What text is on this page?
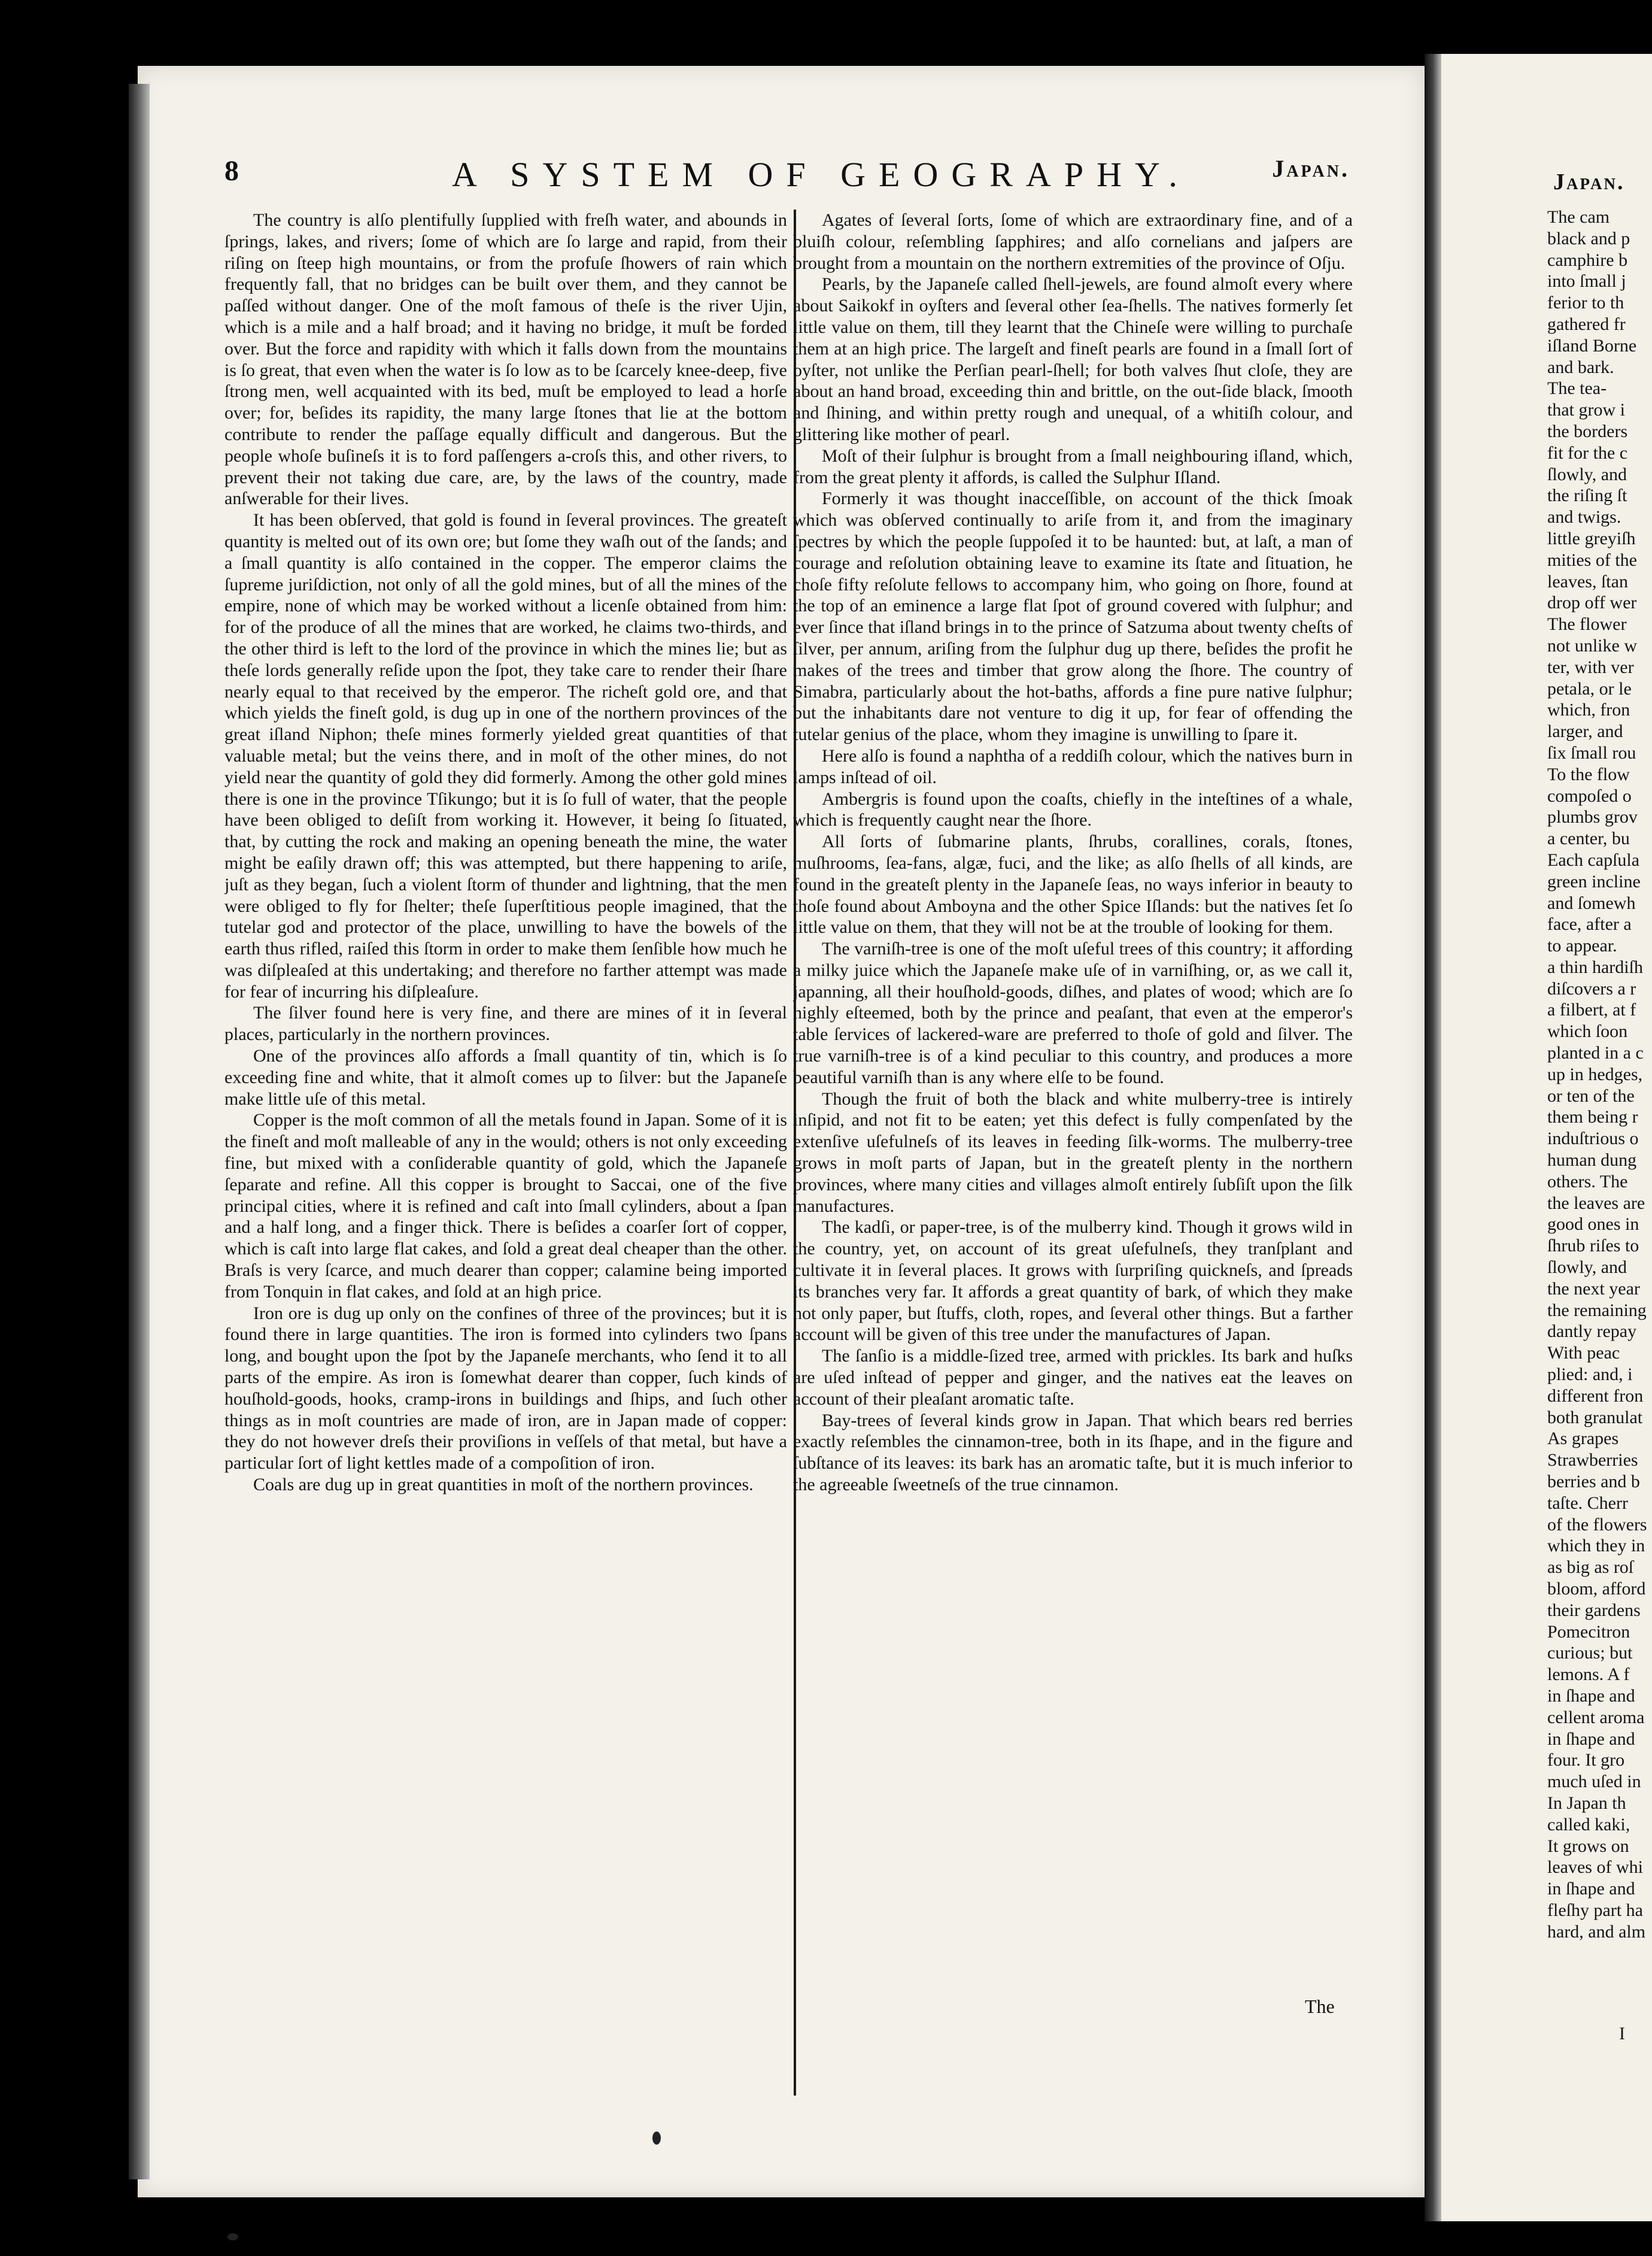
8	A SYSTEM OF GEOGRAPHY.	Japan.

The country is alſo plentifully ſupplied with freſh water, and abounds in ſprings, lakes, and rivers; ſome of which are ſo large and rapid, from their riſing on ſteep high mountains, or from the profuſe ſhowers of rain which frequently fall, that no bridges can be built over them, and they cannot be paſſed without danger. One of the moſt famous of theſe is the river Ujin, which is a mile and a half broad; and it having no bridge, it muſt be forded over. But the force and rapidity with which it falls down from the mountains is ſo great, that even when the water is ſo low as to be ſcarcely knee-deep, five ſtrong men, well acquainted with its bed, muſt be employed to lead a horſe over; for, beſides its rapidity, the many large ſtones that lie at the bottom contribute to render the paſſage equally difficult and dangerous. But the people whoſe buſineſs it is to ford paſſengers a-croſs this, and other rivers, to prevent their not taking due care, are, by the laws of the country, made anſwerable for their lives.

It has been obſerved, that gold is found in ſeveral provinces. The greateſt quantity is melted out of its own ore; but ſome they waſh out of the ſands; and a ſmall quantity is alſo contained in the copper. The emperor claims the ſupreme juriſdiction, not only of all the gold mines, but of all the mines of the empire, none of which may be worked without a licenſe obtained from him: for of the produce of all the mines that are worked, he claims two-thirds, and the other third is left to the lord of the province in which the mines lie; but as theſe lords generally reſide upon the ſpot, they take care to render their ſhare nearly equal to that received by the emperor. The richeſt gold ore, and that which yields the fineſt gold, is dug up in one of the northern provinces of the great iſland Niphon; theſe mines formerly yielded great quantities of that valuable metal; but the veins there, and in moſt of the other mines, do not yield near the quantity of gold they did formerly. Among the other gold mines there is one in the province Tſikungo; but it is ſo full of water, that the people have been obliged to deſiſt from working it. However, it being ſo ſituated, that, by cutting the rock and making an opening beneath the mine, the water might be eaſily drawn off; this was attempted, but there happening to ariſe, juſt as they began, ſuch a violent ſtorm of thunder and lightning, that the men were obliged to fly for ſhelter; theſe ſuperſtitious people imagined, that the tutelar god and protector of the place, unwilling to have the bowels of the earth thus rifled, raiſed this ſtorm in order to make them ſenſible how much he was diſpleaſed at this undertaking; and therefore no farther attempt was made for fear of incurring his diſpleaſure.

The ſilver found here is very fine, and there are mines of it in ſeveral places, particularly in the northern provinces.

One of the provinces alſo affords a ſmall quantity of tin, which is ſo exceeding fine and white, that it almoſt comes up to ſilver: but the Japaneſe make little uſe of this metal.

Copper is the moſt common of all the metals found in Japan. Some of it is the fineſt and moſt malleable of any in the would; others is not only exceeding fine, but mixed with a conſiderable quantity of gold, which the Japaneſe ſeparate and refine. All this copper is brought to Saccai, one of the five principal cities, where it is refined and caſt into ſmall cylinders, about a ſpan and a half long, and a finger thick. There is beſides a coarſer ſort of copper, which is caſt into large flat cakes, and ſold a great deal cheaper than the other. Braſs is very ſcarce, and much dearer than copper; calamine being imported from Tonquin in flat cakes, and ſold at an high price.

Iron ore is dug up only on the confines of three of the provinces; but it is found there in large quantities. The iron is formed into cylinders two ſpans long, and bought upon the ſpot by the Japaneſe merchants, who ſend it to all parts of the empire. As iron is ſomewhat dearer than copper, ſuch kinds of houſhold-goods, hooks, cramp-irons in buildings and ſhips, and ſuch other things as in moſt countries are made of iron, are in Japan made of copper: they do not however dreſs their proviſions in veſſels of that metal, but have a particular ſort of light kettles made of a compoſition of iron.

Coals are dug up in great quantities in moſt of the northern provinces.

Agates of ſeveral ſorts, ſome of which are extraordinary fine, and of a bluiſh colour, reſembling ſapphires; and alſo cornelians and jaſpers are brought from a mountain on the northern extremities of the province of Oſju.

Pearls, by the Japaneſe called ſhell-jewels, are found almoſt every where about Saikokf in oyſters and ſeveral other ſea-ſhells. The natives formerly ſet little value on them, till they learnt that the Chineſe were willing to purchaſe them at an high price. The largeſt and fineſt pearls are found in a ſmall ſort of oyſter, not unlike the Perſian pearl-ſhell; for both valves ſhut cloſe, they are about an hand broad, exceeding thin and brittle, on the out-ſide black, ſmooth and ſhining, and within pretty rough and unequal, of a whitiſh colour, and glittering like mother of pearl.

Moſt of their ſulphur is brought from a ſmall neighbouring iſland, which, from the great plenty it affords, is called the Sulphur Iſland.

Formerly it was thought inacceſſible, on account of the thick ſmoak which was obſerved continually to ariſe from it, and from the imaginary ſpectres by which the people ſuppoſed it to be haunted: but, at laſt, a man of courage and reſolution obtaining leave to examine its ſtate and ſituation, he choſe fifty reſolute fellows to accompany him, who going on ſhore, found at the top of an eminence a large flat ſpot of ground covered with ſulphur; and ever ſince that iſland brings in to the prince of Satzuma about twenty cheſts of ſilver, per annum, ariſing from the ſulphur dug up there, beſides the profit he makes of the trees and timber that grow along the ſhore. The country of Simabra, particularly about the hot-baths, affords a fine pure native ſulphur; but the inhabitants dare not venture to dig it up, for fear of offending the tutelar genius of the place, whom they imagine is unwilling to ſpare it.

Here alſo is found a naphtha of a reddiſh colour, which the natives burn in lamps inſtead of oil.

Ambergris is found upon the coaſts, chiefly in the inteſtines of a whale, which is frequently caught near the ſhore.

All ſorts of ſubmarine plants, ſhrubs, corallines, corals, ſtones, muſhrooms, ſea-fans, algæ, fuci, and the like; as alſo ſhells of all kinds, are found in the greateſt plenty in the Japaneſe ſeas, no ways inferior in beauty to thoſe found about Amboyna and the other Spice Iſlands: but the natives ſet ſo little value on them, that they will not be at the trouble of looking for them.

The varniſh-tree is one of the moſt uſeful trees of this country; it affording a milky juice which the Japaneſe make uſe of in varniſhing, or, as we call it, japanning, all their houſhold-goods, diſhes, and plates of wood; which are ſo highly eſteemed, both by the prince and peaſant, that even at the emperor's table ſervices of lackered-ware are preferred to thoſe of gold and ſilver. The true varniſh-tree is of a kind peculiar to this country, and produces a more beautiful varniſh than is any where elſe to be found.

Though the fruit of both the black and white mulberry-tree is intirely inſipid, and not fit to be eaten; yet this defect is fully compenſated by the extenſive uſefulneſs of its leaves in feeding ſilk-worms. The mulberry-tree grows in moſt parts of Japan, but in the greateſt plenty in the northern provinces, where many cities and villages almoſt entirely ſubſiſt upon the ſilk manufactures.

The kadſi, or paper-tree, is of the mulberry kind. Though it grows wild in the country, yet, on account of its great uſefulneſs, they tranſplant and cultivate it in ſeveral places. It grows with ſurpriſing quickneſs, and ſpreads its branches very far. It affords a great quantity of bark, of which they make not only paper, but ſtuffs, cloth, ropes, and ſeveral other things. But a farther account will be given of this tree under the manufactures of Japan.

The ſanſio is a middle-ſized tree, armed with prickles. Its bark and huſks are uſed inſtead of pepper and ginger, and the natives eat the leaves on account of their pleaſant aromatic taſte.

Bay-trees of ſeveral kinds grow in Japan. That which bears red berries exactly reſembles the cinnamon-tree, both in its ſhape, and in the figure and ſubſtance of its leaves: its bark has an aromatic taſte, but it is much inferior to the agreeable ſweetneſs of the true cinnamon.

The
Japan.
The cam
black and p
camphire b
into ſmall j
ferior to th
gathered fr
iſland Borne
and bark.
The tea-
that grow i
the borders
fit for the c
ſlowly, and
the riſing ſt
and twigs.
little greyiſh
mities of the
leaves, ſtan
drop off wer
The flower
not unlike w
ter, with ver
petala, or le
which, fron
larger, and
ſix ſmall rou
To the flow
compoſed o
plumbs grov
a center, bu
Each capſula
green incline
and ſomewh
face, after a
to appear.
a thin hardiſh
diſcovers a r
a filbert, at f
which ſoon
planted in a c
up in hedges,
or ten of the
them being r
induſtrious o
human dung
others. The
the leaves are
good ones in
ſhrub riſes to
ſlowly, and
the next year
the remaining
dantly repay
With peac
plied: and, i
different fron
both granulat
As grapes
Strawberries
berries and b
taſte. Cherr
of the flowers
which they in
as big as roſ
bloom, afford
their gardens
Pomecitron
curious; but
lemons. A f
in ſhape and
cellent aroma
in ſhape and
four. It gro
much uſed in
In Japan th
called kaki,
It grows on
leaves of whi
in ſhape and
fleſhy part ha
hard, and alm
I
